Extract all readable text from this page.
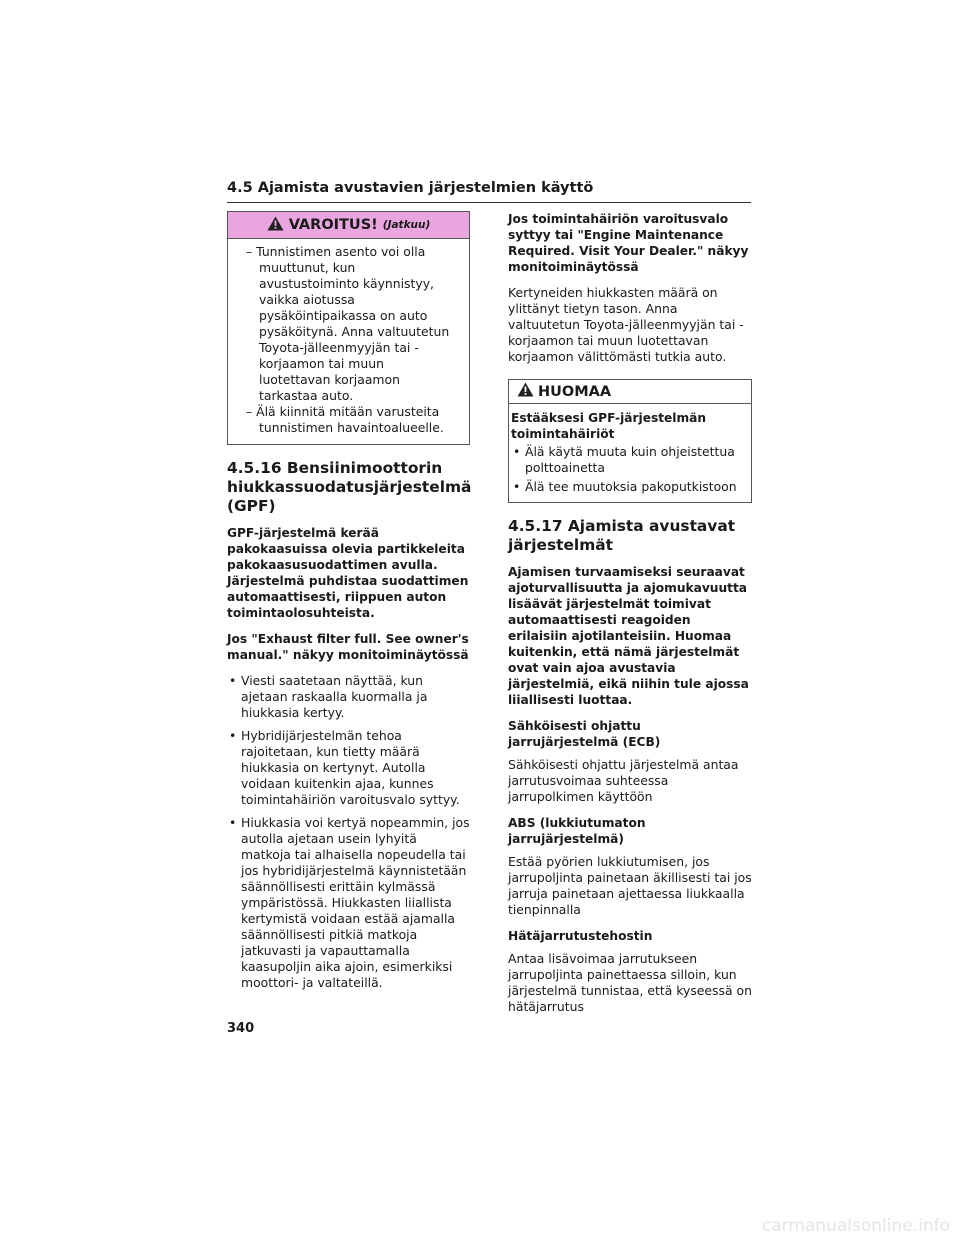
4.5 Ajamista avustavien järjestelmien käyttö
VAROITUS! (Jatkuu)

– Tunnistimen asento voi olla muuttunut, kun avustustoiminto käynnistyy, vaikka aiotussa pysäköintipaikassa on auto pysäköitynä. Anna valtuutetun Toyota-jälleenmyyjän tai -korjaamon tai muun luotettavan korjaamon tarkastaa auto.

– Älä kiinnitä mitään varusteita tunnistimen havaintoalueelle.

4.5.16 Bensiinimoottorin hiukkassuodatusjärjestelmä (GPF)

GPF-järjestelmä kerää pakokaasuissa olevia partikkeleita pakokaasusuodattimen avulla. Järjestelmä puhdistaa suodattimen automaattisesti, riippuen auton toimintaolosuhteista.

Jos "Exhaust filter full. See owner's manual." näkyy monitoiminäytössä

• Viesti saatetaan näyttää, kun ajetaan raskaalla kuormalla ja hiukkasia kertyy.

• Hybridijärjestelmän tehoa rajoitetaan, kun tietty määrä hiukkasia on kertynyt. Autolla voidaan kuitenkin ajaa, kunnes toimintahäiriön varoitusvalo syttyy.

• Hiukkasia voi kertyä nopeammin, jos autolla ajetaan usein lyhyitä matkoja tai alhaisella nopeudella tai jos hybridijärjestelmä käynnistetään säännöllisesti erittäin kylmässä ympäristössä. Hiukkasten liiallista kertymistä voidaan estää ajamalla säännöllisesti pitkiä matkoja jatkuvasti ja vapauttamalla kaasupoljin aika ajoin, esimerkiksi moottori- ja valtateillä.

Jos toimintahäiriön varoitusvalo syttyy tai "Engine Maintenance Required. Visit Your Dealer." näkyy monitoiminäytössä

Kertyneiden hiukkasten määrä on ylittänyt tietyn tason. Anna valtuutetun Toyota-jälleenmyyjän tai -korjaamon tai muun luotettavan korjaamon välittömästi tutkia auto.

HUOMAA

Estääksesi GPF-järjestelmän toimintahäiriöt

• Älä käytä muuta kuin ohjeistettua polttoainetta

• Älä tee muutoksia pakoputkistoon

4.5.17 Ajamista avustavat järjestelmät

Ajamisen turvaamiseksi seuraavat ajoturvallisuutta ja ajomukavuutta lisäävät järjestelmät toimivat automaattisesti reagoiden erilaisiin ajotilanteisiin. Huomaa kuitenkin, että nämä järjestelmät ovat vain ajoa avustavia järjestelmiä, eikä niihin tule ajossa liiallisesti luottaa.

Sähköisesti ohjattu jarrujärjestelmä (ECB)

Sähköisesti ohjattu järjestelmä antaa jarrutusvoimaa suhteessa jarrupolkimen käyttöön

ABS (lukkiutumaton jarrujärjestelmä)

Estää pyörien lukkiutumisen, jos jarrupoljinta painetaan äkillisesti tai jos jarruja painetaan ajettaessa liukkaalla tienpinnalla

Hätäjarrutustehostin

Antaa lisävoimaa jarrutukseen jarrupoljinta painettaessa silloin, kun järjestelmä tunnistaa, että kyseessä on hätäjarrutus

340
carmanualsonline.info
